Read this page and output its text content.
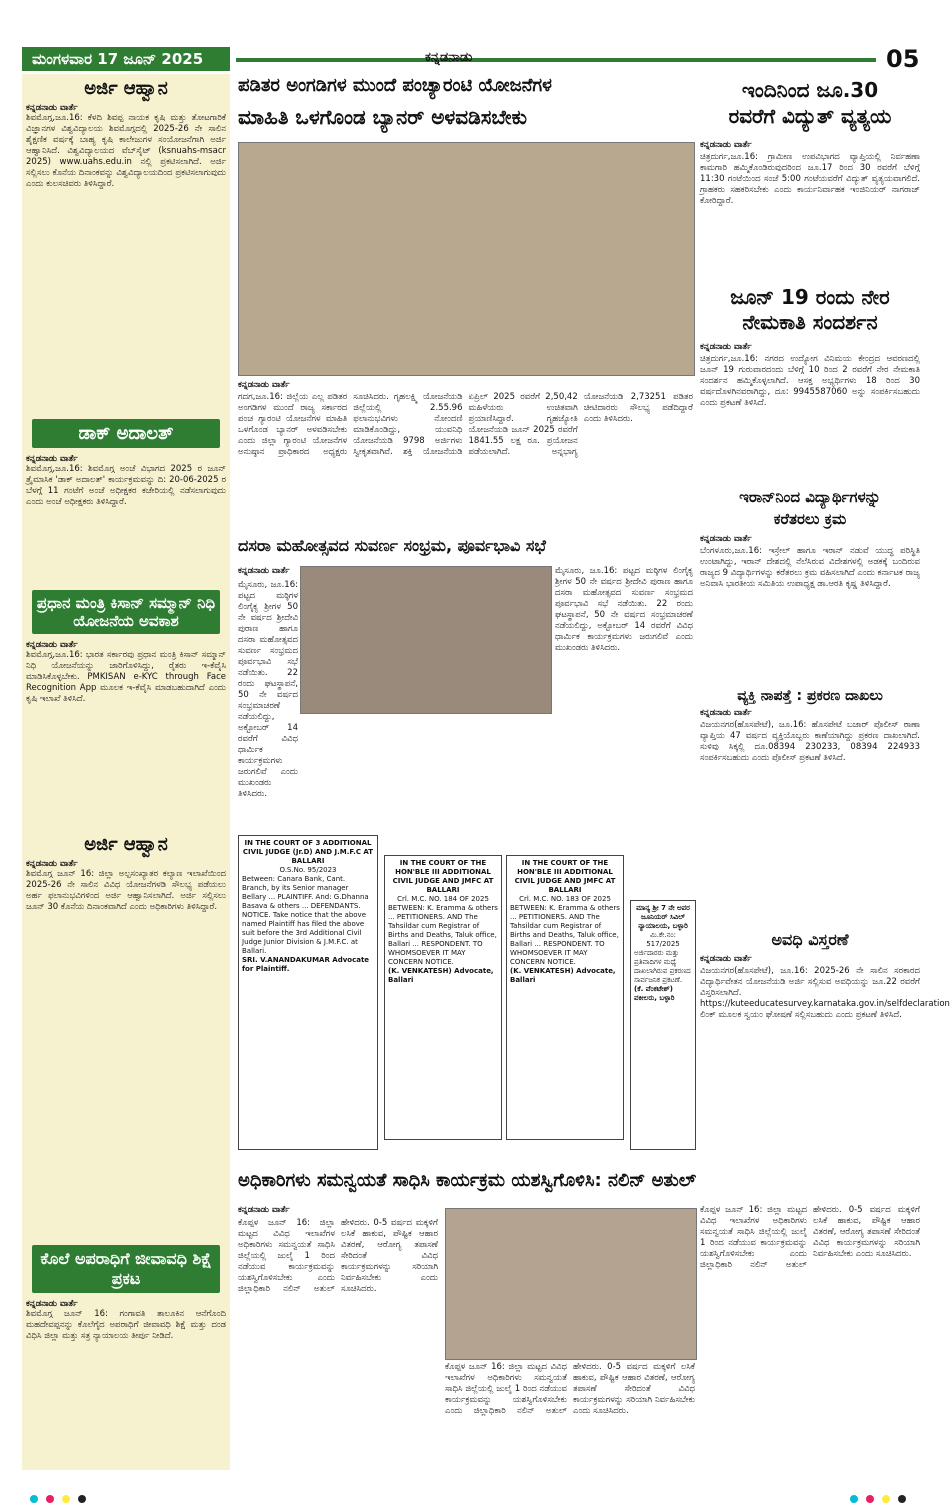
ಮಂಗಳವಾರ 17 ಜೂನ್ 2025	ಕನ್ನಡನಾಡು	05
ಅರ್ಜಿ ಆಹ್ವಾನ
ಕನ್ನಡನಾಡು ವಾರ್ತೆ
ಶಿವಮೊಗ್ಗ,ಜೂ.16: ಕೆಳದಿ ಶಿವಪ್ಪ ನಾಯಕ ಕೃಷಿ ಮತ್ತು ತೋಟಗಾರಿಕೆ ವಿಜ್ಞಾನಗಳ ವಿಶ್ವವಿದ್ಯಾಲಯ ಶಿವಮೊಗ್ಗದಲ್ಲಿ 2025-26 ನೇ ಸಾಲಿನ ಶೈಕ್ಷಣಿಕ ವರ್ಷಕ್ಕೆ ಬಾಹ್ಯ ಕೃಷಿ ಕಾಲೇಜುಗಳ ಸಂಯೋಜನೆಗಾಗಿ ಅರ್ಜಿ ಆಹ್ವಾನಿಸಿದೆ. ವಿಶ್ವವಿದ್ಯಾಲಯದ ವೆಬ್‌ಸೈಟ್ (ksnuahs-msacr 2025) www.uahs.edu.in ನಲ್ಲಿ ಪ್ರಕಟಿಸಲಾಗಿದೆ. ಅರ್ಜಿ ಸಲ್ಲಿಸಲು ಕೊನೆಯ ದಿನಾಂಕವನ್ನು ವಿಶ್ವವಿದ್ಯಾಲಯದಿಂದ ಪ್ರಕಟಿಸಲಾಗುವುದು ಎಂದು ಕುಲಸಚಿವರು ತಿಳಿಸಿದ್ದಾರೆ.
ಡಾಕ್ ಅದಾಲತ್
ಕನ್ನಡನಾಡು ವಾರ್ತೆ
ಶಿವಮೊಗ್ಗ,ಜೂ.16: ಶಿವಮೊಗ್ಗ ಅಂಚೆ ವಿಭಾಗದ 2025 ರ ಜೂನ್ ತ್ರೈಮಾಸಿಕ 'ಡಾಕ್ ಅದಾಲತ್' ಕಾರ್ಯಕ್ರಮವನ್ನು ದಿ: 20-06-2025 ರ ಬೆಳಗ್ಗೆ 11 ಗಂಟೆಗೆ ಅಂಚೆ ಅಧೀಕ್ಷಕರ ಕಚೇರಿಯಲ್ಲಿ ನಡೆಸಲಾಗುವುದು ಎಂದು ಅಂಚೆ ಅಧೀಕ್ಷಕರು ತಿಳಿಸಿದ್ದಾರೆ.
ಪ್ರಧಾನ ಮಂತ್ರಿ ಕಿಸಾನ್ ಸಮ್ಮಾನ್ ನಿಧಿ ಯೋಜನೆಯ ಅವಕಾಶ
ಕನ್ನಡನಾಡು ವಾರ್ತೆ
ಶಿವಮೊಗ್ಗ,ಜೂ.16: ಭಾರತ ಸರ್ಕಾರವು ಪ್ರಧಾನ ಮಂತ್ರಿ ಕಿಸಾನ್ ಸಮ್ಮಾನ್ ನಿಧಿ ಯೋಜನೆಯನ್ನು ಜಾರಿಗೊಳಿಸಿದ್ದು, ರೈತರು ಇ-ಕೆವೈಸಿ ಮಾಡಿಸಿಕೊಳ್ಳಬೇಕು. PMKISAN e-KYC through Face Recognition App ಮೂಲಕ ಇ-ಕೆವೈಸಿ ಮಾಡಬಹುದಾಗಿದೆ ಎಂದು ಕೃಷಿ ಇಲಾಖೆ ತಿಳಿಸಿದೆ.
ಅರ್ಜಿ ಆಹ್ವಾನ
ಕನ್ನಡನಾಡು ವಾರ್ತೆ
ಶಿವಮೊಗ್ಗ ಜೂನ್ 16: ಜಿಲ್ಲಾ ಅಲ್ಪಸಂಖ್ಯಾತರ ಕಲ್ಯಾಣ ಇಲಾಖೆಯಿಂದ 2025-26 ನೇ ಸಾಲಿನ ವಿವಿಧ ಯೋಜನೆಗಳಡಿ ಸೌಲಭ್ಯ ಪಡೆಯಲು ಅರ್ಹ ಫಲಾನುಭವಿಗಳಿಂದ ಅರ್ಜಿ ಆಹ್ವಾನಿಸಲಾಗಿದೆ. ಅರ್ಜಿ ಸಲ್ಲಿಸಲು ಜೂನ್ 30 ಕೊನೆಯ ದಿನಾಂಕವಾಗಿದೆ ಎಂದು ಅಧಿಕಾರಿಗಳು ತಿಳಿಸಿದ್ದಾರೆ.
ಕೊಲೆ ಅಪರಾಧಿಗೆ ಜೀವಾವಧಿ ಶಿಕ್ಷೆ ಪ್ರಕಟ
ಕನ್ನಡನಾಡು ವಾರ್ತೆ
ಶಿವಮೊಗ್ಗ ಜೂನ್ 16: ಗಂಗಾವತಿ ತಾಲೂಕಿನ ಆನೆಗೊಂದಿ ಮಹದೇವಪ್ಪನನ್ನು ಕೊಲೆಗೈದ ಅಪರಾಧಿಗೆ ಜೀವಾವಧಿ ಶಿಕ್ಷೆ ಮತ್ತು ದಂಡ ವಿಧಿಸಿ ಜಿಲ್ಲಾ ಮತ್ತು ಸತ್ರ ನ್ಯಾಯಾಲಯ ತೀರ್ಪು ನೀಡಿದೆ.
ಪಡಿತರ ಅಂಗಡಿಗಳ ಮುಂದೆ ಪಂಚ್ಯಾರಂಟಿ ಯೋಜನೆಗಳ
ಮಾಹಿತಿ ಒಳಗೊಂಡ ಬ್ಯಾನರ್ ಅಳವಡಿಸಬೇಕು
ಕನ್ನಡನಾಡು ವಾರ್ತೆ
ಗದಗ,ಜೂ.16: ಜಿಲ್ಲೆಯ ಎಲ್ಲ ಪಡಿತರ ಅಂಗಡಿಗಳ ಮುಂದೆ ರಾಜ್ಯ ಸರ್ಕಾರದ ಪಂಚ ಗ್ಯಾರಂಟಿ ಯೋಜನೆಗಳ ಮಾಹಿತಿ ಒಳಗೊಂಡ ಬ್ಯಾನರ್ ಅಳವಡಿಸಬೇಕು ಎಂದು ಜಿಲ್ಲಾ ಗ್ಯಾರಂಟಿ ಯೋಜನೆಗಳ ಅನುಷ್ಠಾನ ಪ್ರಾಧಿಕಾರದ ಅಧ್ಯಕ್ಷರು ಸೂಚಿಸಿದರು. ಗೃಹಲಕ್ಷ್ಮಿ ಯೋಜನೆಯಡಿ ಜಿಲ್ಲೆಯಲ್ಲಿ 2.55.96 ಫಲಾನುಭವಿಗಳು ನೋಂದಣಿ ಮಾಡಿಕೊಂಡಿದ್ದು, ಯುವನಿಧಿ ಯೋಜನೆಯಡಿ 9798 ಅರ್ಜಿಗಳು ಸ್ವೀಕೃತವಾಗಿವೆ. ಶಕ್ತಿ ಯೋಜನೆಯಡಿ ಏಪ್ರಿಲ್ 2025 ರವರೆಗೆ 2,50,42 ಮಹಿಳೆಯರು ಉಚಿತವಾಗಿ ಪ್ರಯಾಣಿಸಿದ್ದಾರೆ. ಗೃಹಜ್ಯೋತಿ ಯೋಜನೆಯಡಿ ಜೂನ್ 2025 ರವರೆಗೆ 1841.55 ಲಕ್ಷ ರೂ. ಪ್ರಯೋಜನ ಪಡೆಯಲಾಗಿದೆ. ಅನ್ನಭಾಗ್ಯ ಯೋಜನೆಯಡಿ 2,73251 ಪಡಿತರ ಚೀಟಿದಾರರು ಸೌಲಭ್ಯ ಪಡೆದಿದ್ದಾರೆ ಎಂದು ತಿಳಿಸಿದರು.
ಇಂದಿನಿಂದ ಜೂ.30
ರವರೆಗೆ ವಿದ್ಯುತ್ ವ್ಯತ್ಯಯ
ಕನ್ನಡನಾಡು ವಾರ್ತೆ
ಚಿತ್ರದುರ್ಗ,ಜೂ.16: ಗ್ರಾಮೀಣ ಉಪವಿಭಾಗದ ವ್ಯಾಪ್ತಿಯಲ್ಲಿ ನಿರ್ವಹಣಾ ಕಾಮಗಾರಿ ಹಮ್ಮಿಕೊಂಡಿರುವುದರಿಂದ ಜೂ.17 ರಿಂದ 30 ರವರೆಗೆ ಬೆಳಿಗ್ಗೆ 11:30 ಗಂಟೆಯಿಂದ ಸಂಜೆ 5:00 ಗಂಟೆಯವರೆಗೆ ವಿದ್ಯುತ್ ವ್ಯತ್ಯಯವಾಗಲಿದೆ. ಗ್ರಾಹಕರು ಸಹಕರಿಸಬೇಕು ಎಂದು ಕಾರ್ಯನಿರ್ವಾಹಕ ಇಂಜಿನಿಯರ್ ನಾಗರಾಜ್ ಕೋರಿದ್ದಾರೆ.
ಜೂನ್ 19 ರಂದು ನೇರ
ನೇಮಕಾತಿ ಸಂದರ್ಶನ
ಕನ್ನಡನಾಡು ವಾರ್ತೆ
ಚಿತ್ರದುರ್ಗ,ಜೂ.16: ನಗರದ ಉದ್ಯೋಗ ವಿನಿಮಯ ಕೇಂದ್ರದ ಆವರಣದಲ್ಲಿ ಜೂನ್ 19 ಗುರುವಾರದಂದು ಬೆಳಿಗ್ಗೆ 10 ರಿಂದ 2 ರವರೆಗೆ ನೇರ ನೇಮಕಾತಿ ಸಂದರ್ಶನ ಹಮ್ಮಿಕೊಳ್ಳಲಾಗಿದೆ. ಆಸಕ್ತ ಅಭ್ಯರ್ಥಿಗಳು 18 ರಿಂದ 30 ವರ್ಷದೊಳಗಿನವರಾಗಿದ್ದು, ದೂ: 9945587060 ಅನ್ನು ಸಂಪರ್ಕಿಸಬಹುದು ಎಂದು ಪ್ರಕಟಣೆ ತಿಳಿಸಿದೆ.
ಇರಾನ್‌ನಿಂದ ವಿದ್ಯಾರ್ಥಿಗಳನ್ನು
ಕರೆತರಲು ಕ್ರಮ
ಕನ್ನಡನಾಡು ವಾರ್ತೆ
ಬೆಂಗಳೂರು,ಜೂ.16: ಇಸ್ರೇಲ್ ಹಾಗೂ ಇರಾನ್ ನಡುವೆ ಯುದ್ಧ ಪರಿಸ್ಥಿತಿ ಉಂಟಾಗಿದ್ದು, ಇರಾನ್ ದೇಶದಲ್ಲಿ ನೆಲೆಸಿರುವ ವಿದೇಶಗಳಲ್ಲಿ ಅಡಕಕ್ಕೆ ಬಂದಿರುವ ರಾಜ್ಯದ 9 ವಿದ್ಯಾರ್ಥಿಗಳನ್ನು ಕರೆತರಲು ಕ್ರಮ ವಹಿಸಲಾಗಿದೆ ಎಂದು ಕರ್ನಾಟಕ ರಾಜ್ಯ ಅನಿವಾಸಿ ಭಾರತೀಯ ಸಮಿತಿಯ ಉಪಾಧ್ಯಕ್ಷ ಡಾ.ಆರತಿ ಕೃಷ್ಣ ತಿಳಿಸಿದ್ದಾರೆ.
ವ್ಯಕ್ತಿ ನಾಪತ್ತೆ : ಪ್ರಕರಣ ದಾಖಲು
ಕನ್ನಡನಾಡು ವಾರ್ತೆ
ವಿಜಯನಗರ(ಹೊಸಪೇಟೆ), ಜೂ.16: ಹೊಸಪೇಟೆ ಬಜಾರ್ ಪೊಲೀಸ್ ಠಾಣಾ ವ್ಯಾಪ್ತಿಯ 47 ವರ್ಷದ ವ್ಯಕ್ತಿಯೊಬ್ಬರು ಕಾಣೆಯಾಗಿದ್ದು ಪ್ರಕರಣ ದಾಖಲಾಗಿದೆ. ಸುಳಿವು ಸಿಕ್ಕಲ್ಲಿ ದೂ.08394 230233, 08394 224933 ಸಂಪರ್ಕಿಸಬಹುದು ಎಂದು ಪೊಲೀಸ್ ಪ್ರಕಟಣೆ ತಿಳಿಸಿದೆ.
ಅವಧಿ ವಿಸ್ತರಣೆ
ಕನ್ನಡನಾಡು ವಾರ್ತೆ
ವಿಜಯನಗರ(ಹೊಸಪೇಟೆ), ಜೂ.16: 2025-26 ನೇ ಸಾಲಿನ ಸರಕಾರದ ವಿದ್ಯಾರ್ಥಿವೇತನ ಯೋಜನೆಯಡಿ ಅರ್ಜಿ ಸಲ್ಲಿಸುವ ಅವಧಿಯನ್ನು ಜೂ.22 ರವರೆಗೆ ವಿಸ್ತರಿಸಲಾಗಿದೆ. https://kuteeducatesurvey.karnataka.gov.in/selfdeclaration ಲಿಂಕ್ ಮೂಲಕ ಸ್ವಯಂ ಘೋಷಣೆ ಸಲ್ಲಿಸಬಹುದು ಎಂದು ಪ್ರಕಟಣೆ ತಿಳಿಸಿದೆ.
ದಸರಾ ಮಹೋತ್ಸವದ ಸುವರ್ಣ ಸಂಭ್ರಮ, ಪೂರ್ವಭಾವಿ ಸಭೆ
ಕನ್ನಡನಾಡು ವಾರ್ತೆ
ಮೈಸೂರು, ಜೂ.16: ಪಟ್ಟದ ಮಠ್ಠಿಗಳ ಲಿಂಗೈಕ್ಯ ಶ್ರೀಗಳ 50 ನೇ ವರ್ಷದ ಶ್ರೀದೇವಿ ಪುರಾಣ ಹಾಗೂ ದಸರಾ ಮಹೋತ್ಸವದ ಸುವರ್ಣ ಸಂಭ್ರಮದ ಪೂರ್ವಭಾವಿ ಸಭೆ ನಡೆಯಿತು. 22 ರಂದು ಘಟಸ್ಥಾಪನೆ, 50 ನೇ ವರ್ಷದ ಸಂಭ್ರಮಾಚರಣೆ ನಡೆಯಲಿದ್ದು, ಅಕ್ಟೋಬರ್ 14 ರವರೆಗೆ ವಿವಿಧ ಧಾರ್ಮಿಕ ಕಾರ್ಯಕ್ರಮಗಳು ಜರುಗಲಿವೆ ಎಂದು ಮುಖಂಡರು ತಿಳಿಸಿದರು.
ಮೈಸೂರು, ಜೂ.16: ಪಟ್ಟದ ಮಠ್ಠಿಗಳ ಲಿಂಗೈಕ್ಯ ಶ್ರೀಗಳ 50 ನೇ ವರ್ಷದ ಶ್ರೀದೇವಿ ಪುರಾಣ ಹಾಗೂ ದಸರಾ ಮಹೋತ್ಸವದ ಸುವರ್ಣ ಸಂಭ್ರಮದ ಪೂರ್ವಭಾವಿ ಸಭೆ ನಡೆಯಿತು. 22 ರಂದು ಘಟಸ್ಥಾಪನೆ, 50 ನೇ ವರ್ಷದ ಸಂಭ್ರಮಾಚರಣೆ ನಡೆಯಲಿದ್ದು, ಅಕ್ಟೋಬರ್ 14 ರವರೆಗೆ ವಿವಿಧ ಧಾರ್ಮಿಕ ಕಾರ್ಯಕ್ರಮಗಳು ಜರುಗಲಿವೆ ಎಂದು ಮುಖಂಡರು ತಿಳಿಸಿದರು.
IN THE COURT OF 3 ADDITIONAL CIVIL JUDGE (Jr.D) AND J.M.F.C AT BALLARI
O.S.No. 95/2023
Between: Canara Bank, Cant. Branch, by its Senior manager Bellary ... PLAINTIFF. And: G.Dhanna Basava & others ... DEFENDANTS. NOTICE. Take notice that the above named Plaintiff has filed the above suit before the 3rd Additional Civil Judge Junior Division & J.M.F.C. at Ballari.
SRI. V.ANANDAKUMAR Advocate for Plaintiff.
IN THE COURT OF THE HON'BLE III ADDITIONAL CIVIL JUDGE AND JMFC AT BALLARI
Crl. M.C. NO. 184 OF 2025
BETWEEN: K. Eramma & others ... PETITIONERS. AND The Tahsildar cum Registrar of Births and Deaths, Taluk office, Ballari ... RESPONDENT. TO WHOMSOEVER IT MAY CONCERN NOTICE.
(K. VENKATESH) Advocate, Ballari
IN THE COURT OF THE HON'BLE III ADDITIONAL CIVIL JUDGE AND JMFC AT BALLARI
Crl. M.C. NO. 183 OF 2025
BETWEEN: K. Eramma & others ... PETITIONERS. AND The Tahsildar cum Registrar of Births and Deaths, Taluk office, Ballari ... RESPONDENT. TO WHOMSOEVER IT MAY CONCERN NOTICE.
(K. VENKATESH) Advocate, Ballari
ಮಾನ್ಯ ಶ್ರೀ 7 ನೇ ಅಪರ ಜೂನಿಯರ್ ಸಿವಿಲ್ ನ್ಯಾಯಾಲಯ, ಬಳ್ಳಾರಿ
ಮಿ.ಕೇ.ನಂ: 517/2025
ಅರ್ಜಿದಾರರು ಮತ್ತು ಪ್ರತಿವಾದಿಗಳ ಮಧ್ಯೆ ದಾಖಲಾಗಿರುವ ಪ್ರಕರಣದ ಸಾರ್ವಜನಿಕ ಪ್ರಕಟಣೆ.
(ಕೆ. ವೆಂಕಟೇಶ್) ವಕೀಲರು, ಬಳ್ಳಾರಿ
ಅಧಿಕಾರಿಗಳು ಸಮನ್ವಯತೆ ಸಾಧಿಸಿ ಕಾರ್ಯಕ್ರಮ ಯಶಸ್ವಿಗೊಳಿಸಿ: ನಲಿನ್ ಅತುಲ್
ಕನ್ನಡನಾಡು ವಾರ್ತೆ
ಕೊಪ್ಪಳ ಜೂನ್ 16: ಜಿಲ್ಲಾ ಮಟ್ಟದ ವಿವಿಧ ಇಲಾಖೆಗಳ ಅಧಿಕಾರಿಗಳು ಸಮನ್ವಯತೆ ಸಾಧಿಸಿ ಜಿಲ್ಲೆಯಲ್ಲಿ ಜುಲೈ 1 ರಿಂದ ನಡೆಯುವ ಕಾರ್ಯಕ್ರಮವನ್ನು ಯಶಸ್ವಿಗೊಳಿಸಬೇಕು ಎಂದು ಜಿಲ್ಲಾಧಿಕಾರಿ ನಲಿನ್ ಅತುಲ್ ಹೇಳಿದರು. 0-5 ವರ್ಷದ ಮಕ್ಕಳಿಗೆ ಲಸಿಕೆ ಹಾಕುವ, ಪೌಷ್ಟಿಕ ಆಹಾರ ವಿತರಣೆ, ಆರೋಗ್ಯ ತಪಾಸಣೆ ಸೇರಿದಂತೆ ವಿವಿಧ ಕಾರ್ಯಕ್ರಮಗಳನ್ನು ಸರಿಯಾಗಿ ನಿರ್ವಹಿಸಬೇಕು ಎಂದು ಸೂಚಿಸಿದರು.
ಕೊಪ್ಪಳ ಜೂನ್ 16: ಜಿಲ್ಲಾ ಮಟ್ಟದ ವಿವಿಧ ಇಲಾಖೆಗಳ ಅಧಿಕಾರಿಗಳು ಸಮನ್ವಯತೆ ಸಾಧಿಸಿ ಜಿಲ್ಲೆಯಲ್ಲಿ ಜುಲೈ 1 ರಿಂದ ನಡೆಯುವ ಕಾರ್ಯಕ್ರಮವನ್ನು ಯಶಸ್ವಿಗೊಳಿಸಬೇಕು ಎಂದು ಜಿಲ್ಲಾಧಿಕಾರಿ ನಲಿನ್ ಅತುಲ್ ಹೇಳಿದರು. 0-5 ವರ್ಷದ ಮಕ್ಕಳಿಗೆ ಲಸಿಕೆ ಹಾಕುವ, ಪೌಷ್ಟಿಕ ಆಹಾರ ವಿತರಣೆ, ಆರೋಗ್ಯ ತಪಾಸಣೆ ಸೇರಿದಂತೆ ವಿವಿಧ ಕಾರ್ಯಕ್ರಮಗಳನ್ನು ಸರಿಯಾಗಿ ನಿರ್ವಹಿಸಬೇಕು ಎಂದು ಸೂಚಿಸಿದರು.
ಕೊಪ್ಪಳ ಜೂನ್ 16: ಜಿಲ್ಲಾ ಮಟ್ಟದ ವಿವಿಧ ಇಲಾಖೆಗಳ ಅಧಿಕಾರಿಗಳು ಸಮನ್ವಯತೆ ಸಾಧಿಸಿ ಜಿಲ್ಲೆಯಲ್ಲಿ ಜುಲೈ 1 ರಿಂದ ನಡೆಯುವ ಕಾರ್ಯಕ್ರಮವನ್ನು ಯಶಸ್ವಿಗೊಳಿಸಬೇಕು ಎಂದು ಜಿಲ್ಲಾಧಿಕಾರಿ ನಲಿನ್ ಅತುಲ್ ಹೇಳಿದರು. 0-5 ವರ್ಷದ ಮಕ್ಕಳಿಗೆ ಲಸಿಕೆ ಹಾಕುವ, ಪೌಷ್ಟಿಕ ಆಹಾರ ವಿತರಣೆ, ಆರೋಗ್ಯ ತಪಾಸಣೆ ಸೇರಿದಂತೆ ವಿವಿಧ ಕಾರ್ಯಕ್ರಮಗಳನ್ನು ಸರಿಯಾಗಿ ನಿರ್ವಹಿಸಬೇಕು ಎಂದು ಸೂಚಿಸಿದರು.
